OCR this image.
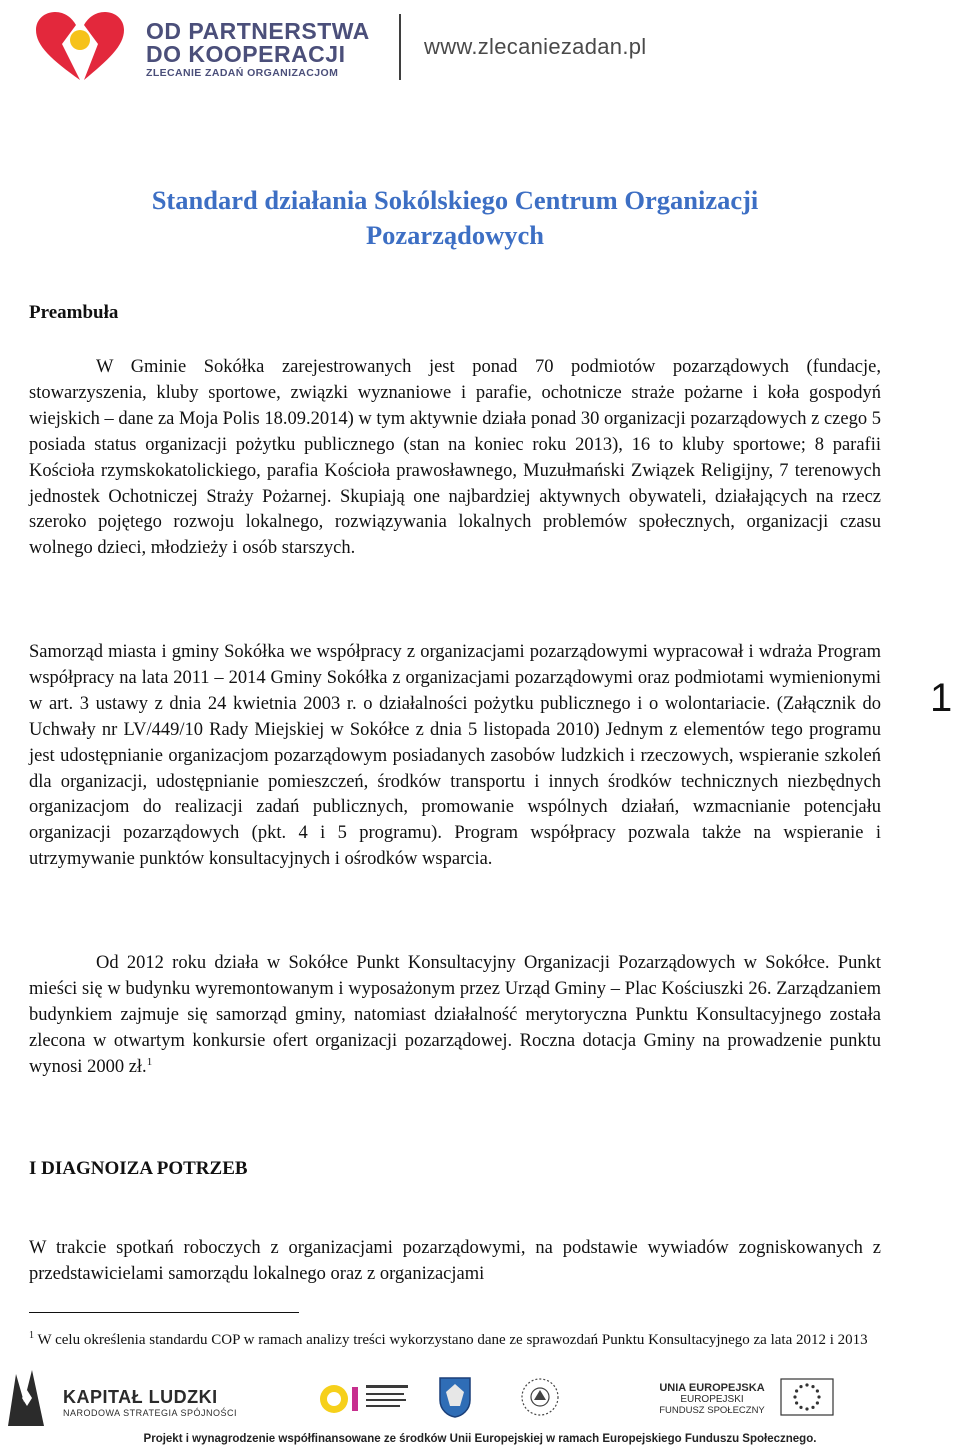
OD PARTNERSTWA
DO KOOPERACJI
ZLECANIE ZADAŃ ORGANIZACJOM
www.zlecaniezadan.pl
Standard działania Sokólskiego Centrum Organizacji
Pozarządowych
Preambuła
W Gminie Sokółka zarejestrowanych jest ponad 70 podmiotów pozarządowych (fundacje, stowarzyszenia, kluby sportowe, związki wyznaniowe i parafie, ochotnicze straże pożarne i koła gospodyń wiejskich – dane za Moja Polis 18.09.2014) w tym aktywnie działa ponad 30 organizacji pozarządowych z czego 5 posiada status organizacji pożytku publicznego (stan na koniec roku 2013), 16 to kluby sportowe; 8 parafii Kościoła rzymskokatolickiego, parafia Kościoła prawosławnego, Muzułmański Związek Religijny, 7 terenowych jednostek Ochotniczej Straży Pożarnej. Skupiają one najbardziej aktywnych obywateli, działających na rzecz szeroko pojętego rozwoju lokalnego, rozwiązywania lokalnych problemów społecznych, organizacji czasu wolnego dzieci, młodzieży i osób starszych.
Samorząd miasta i gminy Sokółka we współpracy z organizacjami pozarządowymi wypracował i wdraża Program współpracy na lata 2011 – 2014 Gminy Sokółka z organizacjami pozarządowymi oraz podmiotami wymienionymi w art. 3 ustawy z dnia 24 kwietnia 2003 r. o działalności pożytku publicznego i o wolontariacie. (Załącznik do Uchwały nr LV/449/10 Rady Miejskiej w Sokółce z dnia 5 listopada 2010) Jednym z elementów tego programu jest udostępnianie organizacjom pozarządowym posiadanych zasobów ludzkich i rzeczowych, wspieranie szkoleń dla organizacji, udostępnianie pomieszczeń, środków transportu i innych środków technicznych niezbędnych organizacjom do realizacji zadań publicznych, promowanie wspólnych działań, wzmacnianie potencjału organizacji pozarządowych (pkt. 4 i 5 programu). Program współpracy pozwala także na wspieranie i utrzymywanie punktów konsultacyjnych i ośrodków wsparcia.
Od 2012 roku działa w Sokółce Punkt Konsultacyjny Organizacji Pozarządowych w Sokółce. Punkt mieści się w budynku wyremontowanym i wyposażonym przez Urząd Gminy – Plac Kościuszki 26. Zarządzaniem budynkiem zajmuje się samorząd gminy, natomiast działalność merytoryczna Punktu Konsultacyjnego została zlecona w otwartym konkursie ofert organizacji pozarządowej. Roczna dotacja Gminy na prowadzenie punktu wynosi 2000 zł.$^1$
1
I DIAGNOIZA POTRZEB
W trakcie spotkań roboczych z organizacjami pozarządowymi, na podstawie wywiadów zogniskowanych z przedstawicielami samorządu lokalnego oraz z organizacjami
$^1$ W celu określenia standardu COP w ramach analizy treści wykorzystano dane ze sprawozdań Punktu Konsultacyjnego za lata 2012 i 2013
KAPITAŁ LUDZKI
NARODOWA STRATEGIA SPÓJNOŚCI
UNIA EUROPEJSKA
EUROPEJSKI
FUNDUSZ SPOŁECZNY
Projekt i wynagrodzenie współfinansowane ze środków Unii Europejskiej w ramach Europejskiego Funduszu Społecznego.
